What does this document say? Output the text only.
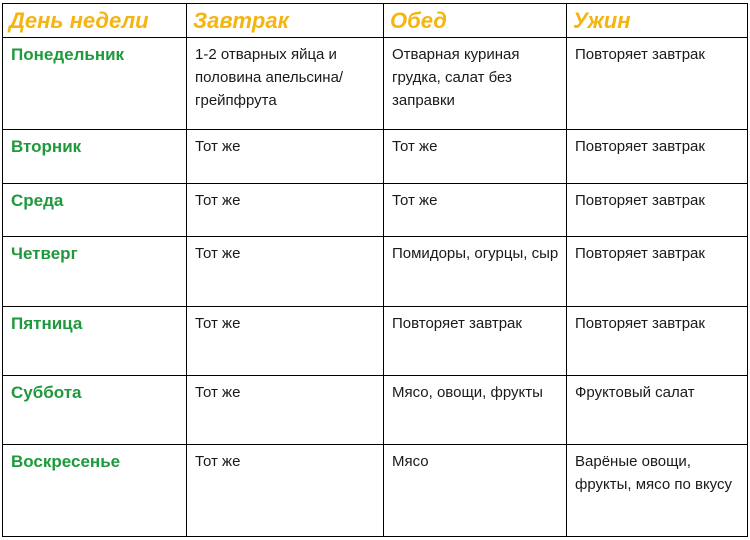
День недели	Завтрак	Обед	Ужин
Понедельник	1-2 отварных яйца и половина апельсина/грейпфрута	Отварная куриная грудка, салат без заправки	Повторяет завтрак
Вторник	Тот же	Тот же	Повторяет завтрак
Среда	Тот же	Тот же	Повторяет завтрак
Четверг	Тот же	Помидоры, огурцы, сыр	Повторяет завтрак
Пятница	Тот же	Повторяет завтрак	Повторяет завтрак
Суббота	Тот же	Мясо, овощи, фрукты	Фруктовый салат
Воскресенье	Тот же	Мясо	Варёные овощи, фрукты, мясо по вкусу
